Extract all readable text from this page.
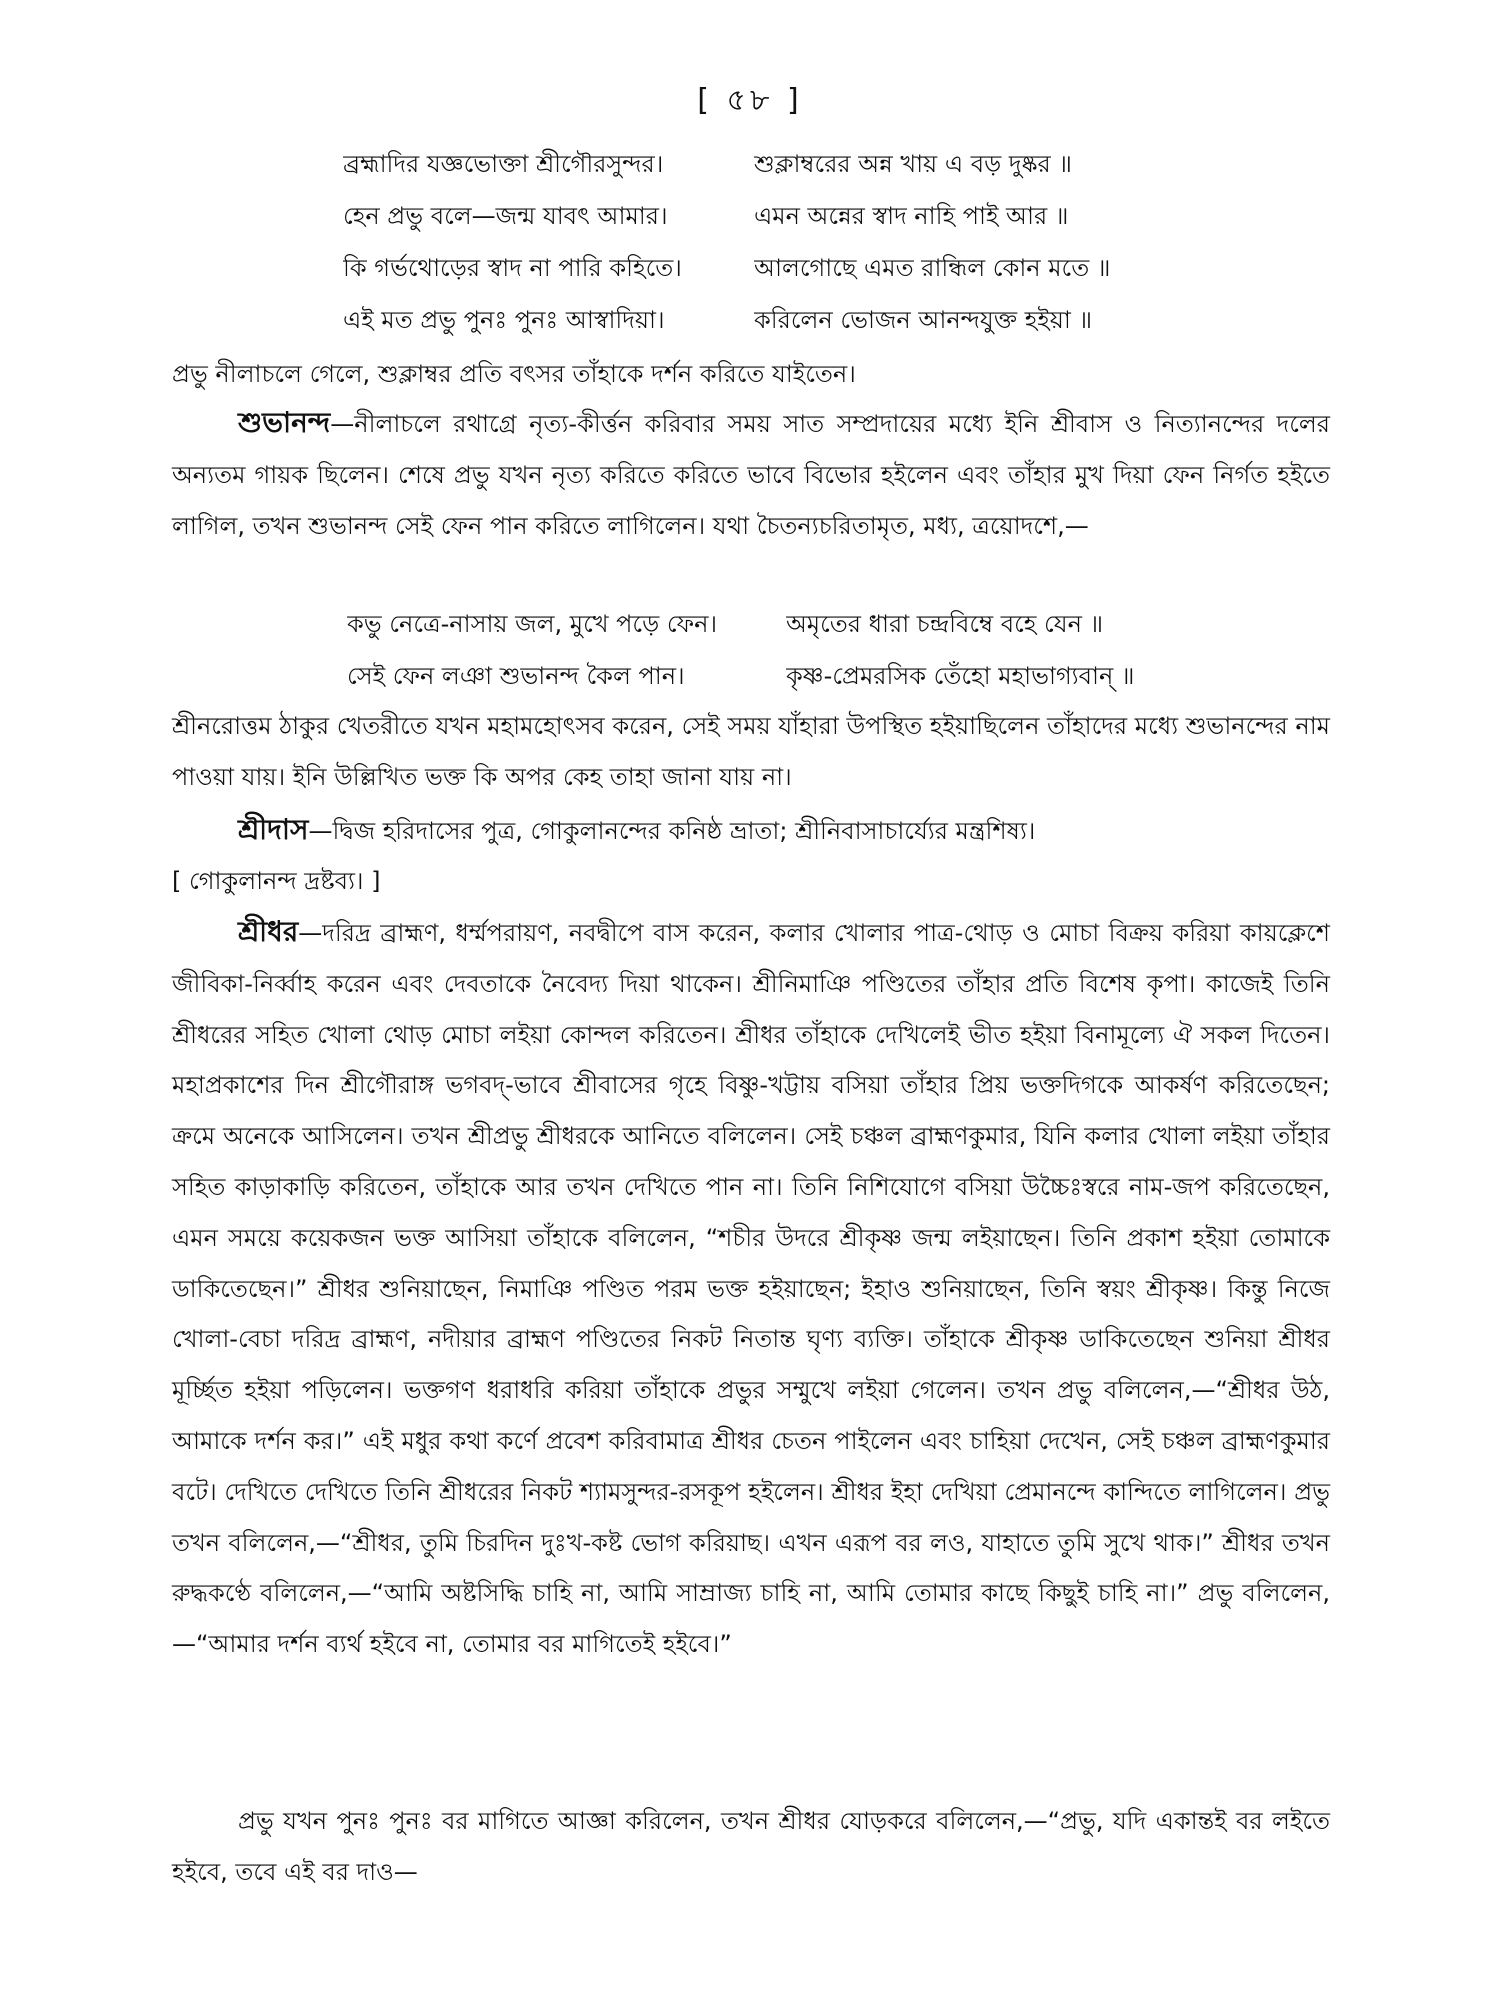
[ ৫৮ ]
ব্রহ্মাদির যজ্ঞভোক্তা শ্রীগৌরসুন্দর।	শুক্লাম্বরের অন্ন খায় এ বড় দুষ্কর ॥
হেন প্রভু বলে—জন্ম যাবৎ আমার।	এমন অন্নের স্বাদ নাহি পাই আর ॥
কি গর্ভথোড়ের স্বাদ না পারি কহিতে।	আলগোছে এমত রান্ধিল কোন মতে ॥
এই মত প্রভু পুনঃ পুনঃ আস্বাদিয়া।	করিলেন ভোজন আনন্দযুক্ত হইয়া ॥
প্রভু নীলাচলে গেলে, শুক্লাম্বর প্রতি বৎসর তাঁহাকে দর্শন করিতে যাইতেন।

শুভানন্দ—নীলাচলে রথাগ্রে নৃত্য-কীর্ত্তন করিবার সময় সাত সম্প্রদায়ের মধ্যে ইনি শ্রীবাস ও নিত্যানন্দের দলের অন্যতম গায়ক ছিলেন। শেষে প্রভু যখন নৃত্য করিতে করিতে ভাবে বিভোর হইলেন এবং তাঁহার মুখ দিয়া ফেন নির্গত হইতে লাগিল, তখন শুভানন্দ সেই ফেন পান করিতে লাগিলেন। যথা চৈতন্যচরিতামৃত, মধ্য, ত্রয়োদশে,—

কভু নেত্রে-নাসায় জল, মুখে পড়ে ফেন।	অমৃতের ধারা চন্দ্রবিম্বে বহে যেন ॥
সেই ফেন লঞা শুভানন্দ কৈল পান।	কৃষ্ণ-প্রেমরসিক তেঁহো মহাভাগ্যবান্ ॥

শ্রীনরোত্তম ঠাকুর খেতরীতে যখন মহামহোৎসব করেন, সেই সময় যাঁহারা উপস্থিত হইয়াছিলেন তাঁহাদের মধ্যে শুভানন্দের নাম পাওয়া যায়। ইনি উল্লিখিত ভক্ত কি অপর কেহ তাহা জানা যায় না।

শ্রীদাস—দ্বিজ হরিদাসের পুত্র, গোকুলানন্দের কনিষ্ঠ ভ্রাতা; শ্রীনিবাসাচার্য্যের মন্ত্রশিষ্য।

[ গোকুলানন্দ দ্রষ্টব্য। ]

শ্রীধর—দরিদ্র ব্রাহ্মণ, ধর্ম্মপরায়ণ, নবদ্বীপে বাস করেন, কলার খোলার পাত্র-থোড় ও মোচা বিক্রয় করিয়া কায়ক্লেশে জীবিকা-নির্ব্বাহ করেন এবং দেবতাকে নৈবেদ্য দিয়া থাকেন। শ্রীনিমাঞি পণ্ডিতের তাঁহার প্রতি বিশেষ কৃপা। কাজেই তিনি শ্রীধরের সহিত খোলা থোড় মোচা লইয়া কোন্দল করিতেন। শ্রীধর তাঁহাকে দেখিলেই ভীত হইয়া বিনামূল্যে ঐ সকল দিতেন। মহাপ্রকাশের দিন শ্রীগৌরাঙ্গ ভগবদ্-ভাবে শ্রীবাসের গৃহে বিষ্ণু-খট্টায় বসিয়া তাঁহার প্রিয় ভক্তদিগকে আকর্ষণ করিতেছেন; ক্রমে অনেকে আসিলেন। তখন শ্রীপ্রভু শ্রীধরকে আনিতে বলিলেন। সেই চঞ্চল ব্রাহ্মণকুমার, যিনি কলার খোলা লইয়া তাঁহার সহিত কাড়াকাড়ি করিতেন, তাঁহাকে আর তখন দেখিতে পান না। তিনি নিশিযোগে বসিয়া উচ্চৈঃস্বরে নাম-জপ করিতেছেন, এমন সময়ে কয়েকজন ভক্ত আসিয়া তাঁহাকে বলিলেন, “শচীর উদরে শ্রীকৃষ্ণ জন্ম লইয়াছেন। তিনি প্রকাশ হইয়া তোমাকে ডাকিতেছেন।” শ্রীধর শুনিয়াছেন, নিমাঞি পণ্ডিত পরম ভক্ত হইয়াছেন; ইহাও শুনিয়াছেন, তিনি স্বয়ং শ্রীকৃষ্ণ। কিন্তু নিজে খোলা-বেচা দরিদ্র ব্রাহ্মণ, নদীয়ার ব্রাহ্মণ পণ্ডিতের নিকট নিতান্ত ঘৃণ্য ব্যক্তি। তাঁহাকে শ্রীকৃষ্ণ ডাকিতেছেন শুনিয়া শ্রীধর মূর্চ্ছিত হইয়া পড়িলেন। ভক্তগণ ধরাধরি করিয়া তাঁহাকে প্রভুর সম্মুখে লইয়া গেলেন। তখন প্রভু বলিলেন,—“শ্রীধর উঠ, আমাকে দর্শন কর।” এই মধুর কথা কর্ণে প্রবেশ করিবামাত্র শ্রীধর চেতন পাইলেন এবং চাহিয়া দেখেন, সেই চঞ্চল ব্রাহ্মণকুমার বটে। দেখিতে দেখিতে তিনি শ্রীধরের নিকট শ্যামসুন্দর-রসকূপ হইলেন। শ্রীধর ইহা দেখিয়া প্রেমানন্দে কান্দিতে লাগিলেন। প্রভু তখন বলিলেন,—“শ্রীধর, তুমি চিরদিন দুঃখ-কষ্ট ভোগ করিয়াছ। এখন এরূপ বর লও, যাহাতে তুমি সুখে থাক।” শ্রীধর তখন রুদ্ধকণ্ঠে বলিলেন,—“আমি অষ্টসিদ্ধি চাহি না, আমি সাম্রাজ্য চাহি না, আমি তোমার কাছে কিছুই চাহি না।” প্রভু বলিলেন,—“আমার দর্শন ব্যর্থ হইবে না, তোমার বর মাগিতেই হইবে।”

প্রভু যখন পুনঃ পুনঃ বর মাগিতে আজ্ঞা করিলেন, তখন শ্রীধর যোড়করে বলিলেন,—“প্রভু, যদি একান্তই বর লইতে হইবে, তবে এই বর দাও—
